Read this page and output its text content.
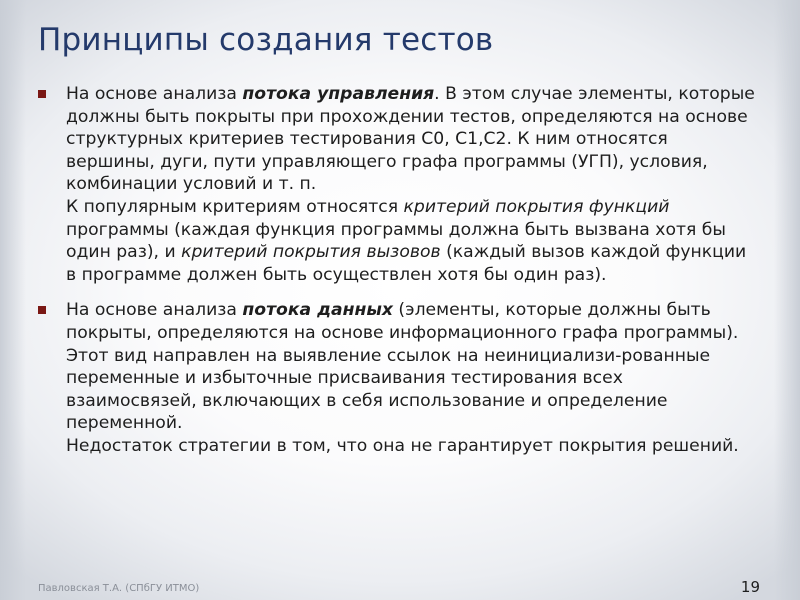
Принципы создания тестов

На основе анализа потока управления. В этом случае элементы, которые должны быть покрыты при прохождении тестов, определяются на основе структурных критериев тестирования С0, С1,С2. К ним относятся вершины, дуги, пути управляющего графа программы (УГП), условия, комбинации условий и т. п.

К популярным критериям относятся критерий покрытия функций программы (каждая функция программы должна быть вызвана хотя бы один раз), и критерий покрытия вызовов (каждый вызов каждой функции в программе должен быть осуществлен хотя бы один раз).

На основе анализа потока данных (элементы, которые должны быть покрыты, определяются на основе информационного графа программы).

Этот вид направлен на выявление ссылок на неинициализи-рованные переменные и избыточные присваивания тестирования всех взаимосвязей, включающих в себя использование и определение переменной.

Недостаток стратегии в том, что она не гарантирует покрытия решений.

Павловская Т.А. (СПбГУ ИТМО)	19
